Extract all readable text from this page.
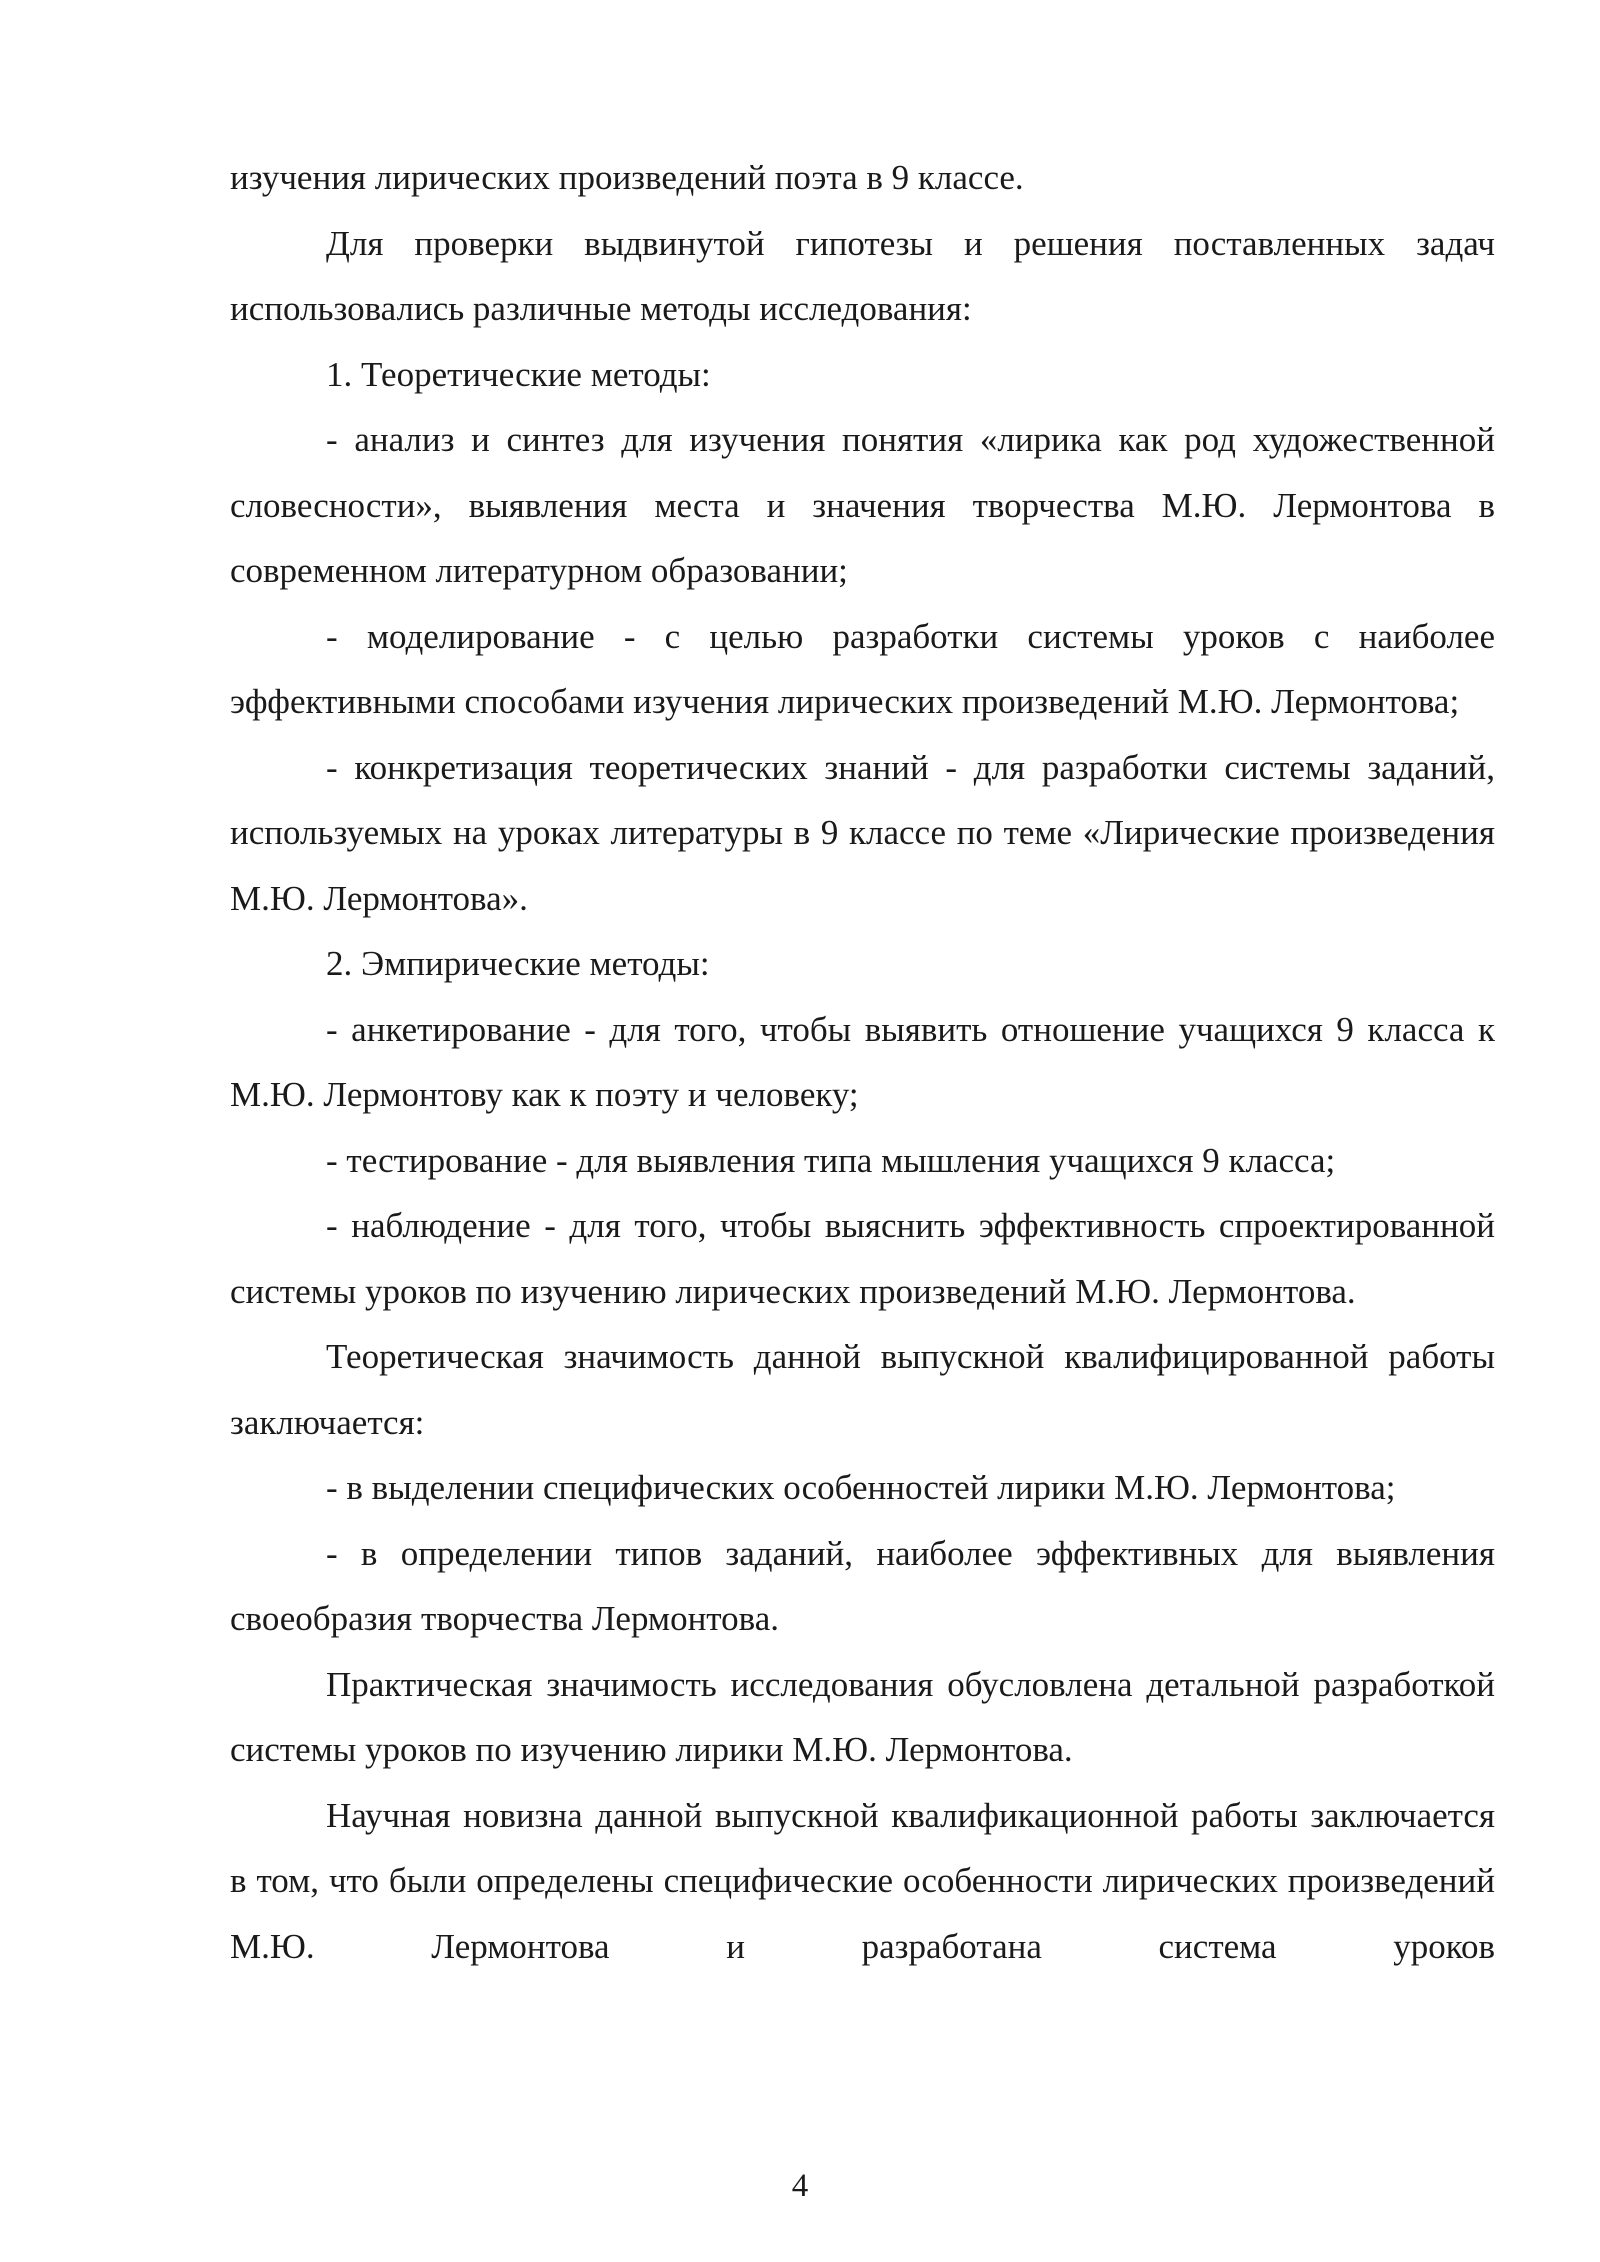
изучения лирических произведений поэта в 9 классе.

Для проверки выдвинутой гипотезы и решения поставленных задач использовались различные методы исследования:

1. Теоретические методы:

- анализ и синтез для изучения понятия «лирика как род художественной словесности», выявления места и значения творчества М.Ю. Лермонтова в современном литературном образовании;

- моделирование - с целью разработки системы уроков с наиболее эффективными способами изучения лирических произведений М.Ю. Лермонтова;

- конкретизация теоретических знаний - для разработки системы заданий, используемых на уроках литературы в 9 классе по теме «Лирические произведения М.Ю. Лермонтова».

2. Эмпирические методы:

- анкетирование - для того, чтобы выявить отношение учащихся 9 класса к М.Ю. Лермонтову как к поэту и человеку;

- тестирование - для выявления типа мышления учащихся 9 класса;

- наблюдение - для того, чтобы выяснить эффективность спроектированной системы уроков по изучению лирических произведений М.Ю. Лермонтова.

Теоретическая значимость данной выпускной квалифицированной работы заключается:

- в выделении специфических особенностей лирики М.Ю. Лермонтова;

- в определении типов заданий, наиболее эффективных для выявления своеобразия творчества Лермонтова.

Практическая значимость исследования обусловлена детальной разработкой системы уроков по изучению лирики М.Ю. Лермонтова.

Научная новизна данной выпускной квалификационной работы заключается в том, что были определены специфические особенности лирических произведений М.Ю. Лермонтова и разработана система уроков

4
